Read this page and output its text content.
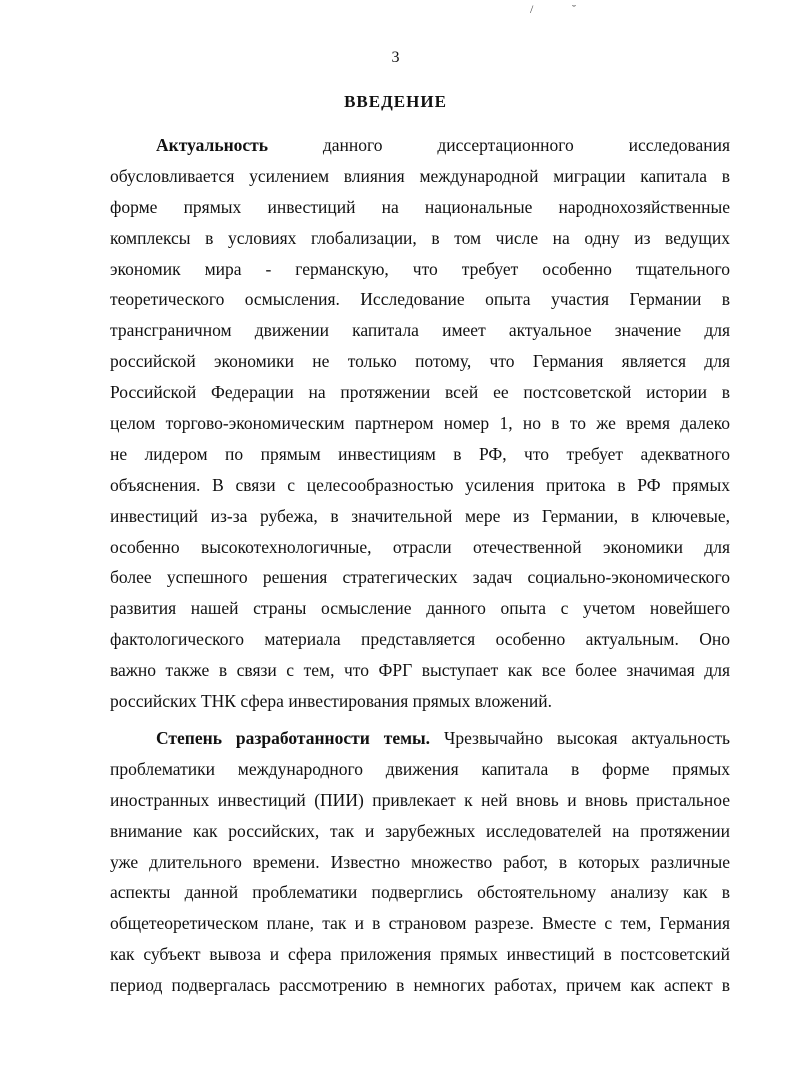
/	˘
3
ВВЕДЕНИЕ
Актуальность данного диссертационного исследования
обусловливается усилением влияния международной миграции капитала в
форме прямых инвестиций на национальные народнохозяйственные
комплексы в условиях глобализации, в том числе на одну из ведущих
экономик мира - германскую, что требует особенно тщательного
теоретического осмысления. Исследование опыта участия Германии в
трансграничном движении капитала имеет актуальное значение для
российской экономики не только потому, что Германия является для
Российской Федерации на протяжении всей ее постсоветской истории в
целом торгово-экономическим партнером номер 1, но в то же время далеко
не лидером по прямым инвестициям в РФ, что требует адекватного
объяснения. В связи с целесообразностью усиления притока в РФ прямых
инвестиций из-за рубежа, в значительной мере из Германии, в ключевые,
особенно высокотехнологичные, отрасли отечественной экономики для
более успешного решения стратегических задач социально-экономического
развития нашей страны осмысление данного опыта с учетом новейшего
фактологического материала представляется особенно актуальным. Оно
важно также в связи с тем, что ФРГ выступает как все более значимая для
российских ТНК сфера инвестирования прямых вложений.
Степень разработанности темы. Чрезвычайно высокая актуальность
проблематики международного движения капитала в форме прямых
иностранных инвестиций (ПИИ) привлекает к ней вновь и вновь пристальное
внимание как российских, так и зарубежных исследователей на протяжении
уже длительного времени. Известно множество работ, в которых различные
аспекты данной проблематики подверглись обстоятельному анализу как в
общетеоретическом плане, так и в страновом разрезе. Вместе с тем, Германия
как субъект вывоза и сфера приложения прямых инвестиций в постсоветский
период подвергалась рассмотрению в немногих работах, причем как аспект в
